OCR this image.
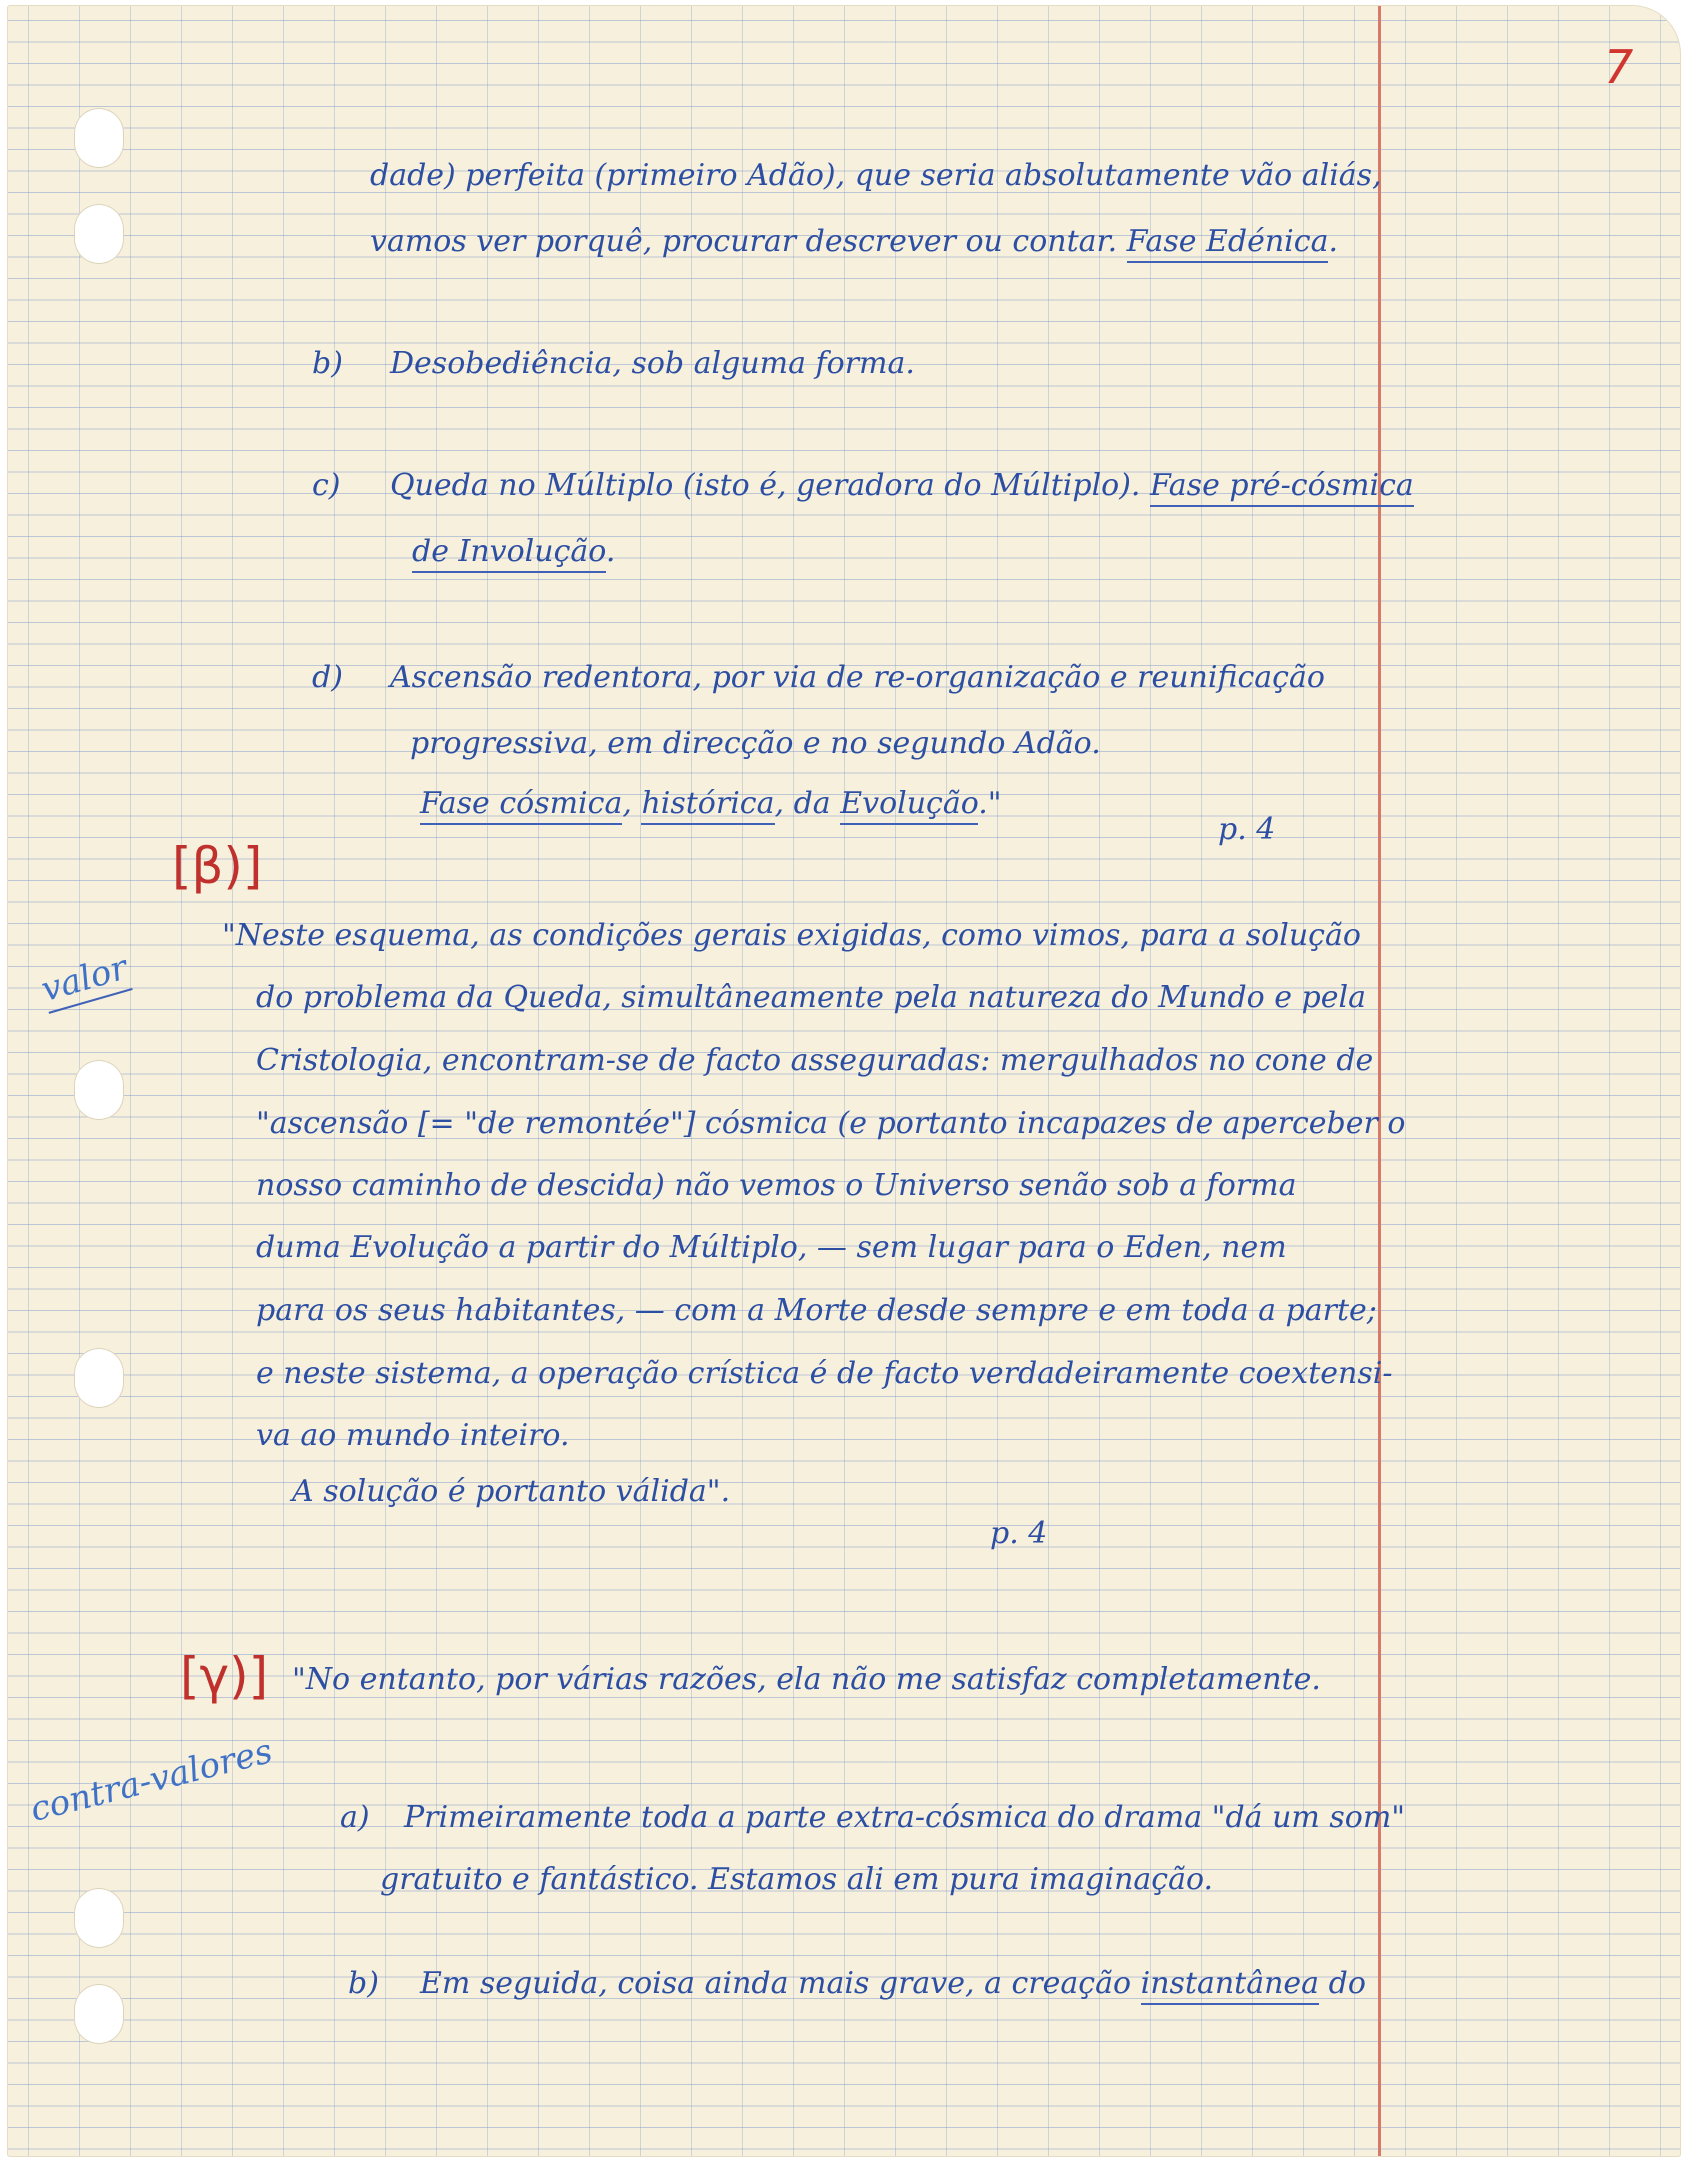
7
dade) perfeita (primeiro Adão), que seria absolutamente vão aliás,
vamos ver porquê, procurar descrever ou contar. Fase Edénica.
b) Desobediência, sob alguma forma.
c) Queda no Múltiplo (isto é, geradora do Múltiplo). Fase pré-cósmica
de Involução.
d) Ascensão redentora, por via de re-organização e reunificação
progressiva, em direcção e no segundo Adão.
Fase cósmica, histórica, da Evolução."
p. 4
[β)]
valor
"Neste esquema, as condições gerais exigidas, como vimos, para a solução
do problema da Queda, simultâneamente pela natureza do Mundo e pela
Cristologia, encontram-se de facto asseguradas: mergulhados no cone de
"ascensão [= "de remontée"] cósmica (e portanto incapazes de aperceber o
nosso caminho de descida) não vemos o Universo senão sob a forma
duma Evolução a partir do Múltiplo, — sem lugar para o Eden, nem
para os seus habitantes, — com a Morte desde sempre e em toda a parte;
e neste sistema, a operação crística é de facto verdadeiramente coextensi-
va ao mundo inteiro.
A solução é portanto válida".
p. 4
[γ)] "No entanto, por várias razões, ela não me satisfaz completamente.
contra-valores a) Primeiramente toda a parte extra-cósmica do drama "dá um som"
gratuito e fantástico. Estamos ali em pura imaginação.
b) Em seguida, coisa ainda mais grave, a creação instantânea do
